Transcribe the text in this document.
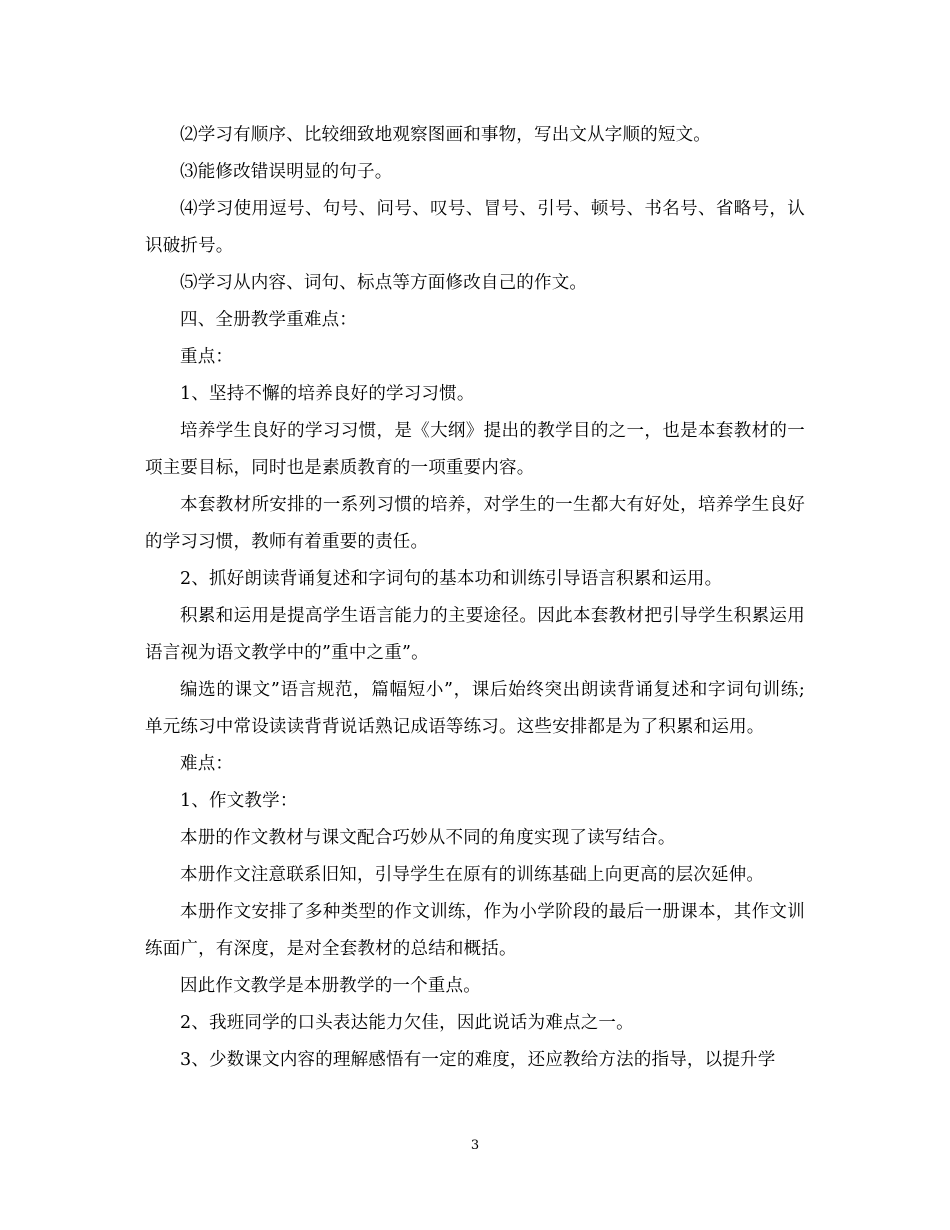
⑵学习有顺序、比较细致地观察图画和事物，写出文从字顺的短文。

⑶能修改错误明显的句子。

⑷学习使用逗号、句号、问号、叹号、冒号、引号、顿号、书名号、省略号，认识破折号。

⑸学习从内容、词句、标点等方面修改自己的作文。

四、全册教学重难点：

重点：

1、坚持不懈的培养良好的学习习惯。

培养学生良好的学习习惯，是《大纲》提出的教学目的之一，也是本套教材的一项主要目标，同时也是素质教育的一项重要内容。

本套教材所安排的一系列习惯的培养，对学生的一生都大有好处，培养学生良好的学习习惯，教师有着重要的责任。

2、抓好朗读背诵复述和字词句的基本功和训练引导语言积累和运用。

积累和运用是提高学生语言能力的主要途径。因此本套教材把引导学生积累运用语言视为语文教学中的”重中之重”。

编选的课文”语言规范，篇幅短小”，课后始终突出朗读背诵复述和字词句训练;单元练习中常设读读背背说话熟记成语等练习。这些安排都是为了积累和运用。

难点：

1、作文教学：

本册的作文教材与课文配合巧妙从不同的角度实现了读写结合。

本册作文注意联系旧知，引导学生在原有的训练基础上向更高的层次延伸。

本册作文安排了多种类型的作文训练，作为小学阶段的最后一册课本，其作文训练面广，有深度，是对全套教材的总结和概括。

因此作文教学是本册教学的一个重点。

2、我班同学的口头表达能力欠佳，因此说话为难点之一。

3、少数课文内容的理解感悟有一定的难度，还应教给方法的指导，以提升学

3
